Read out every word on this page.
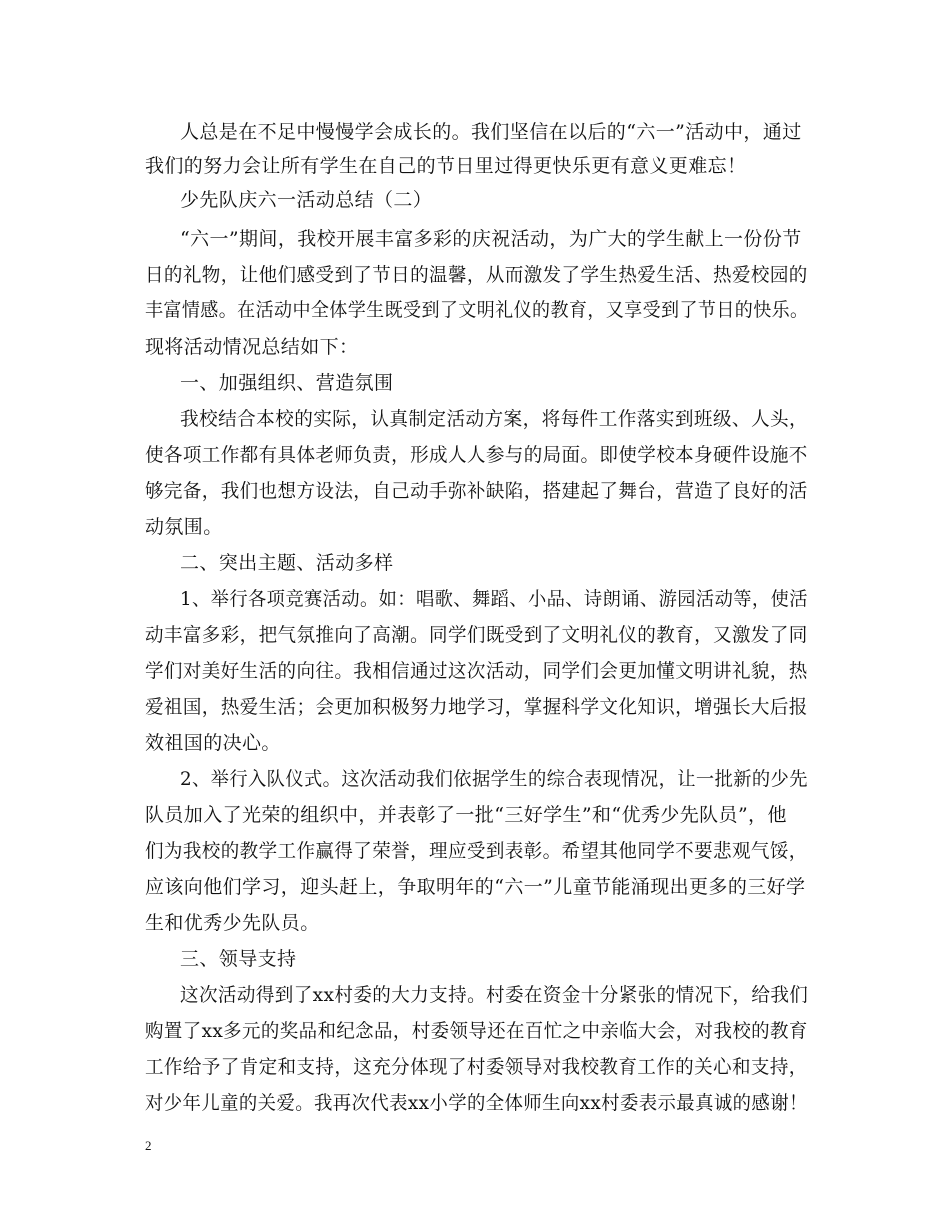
人总是在不足中慢慢学会成长的。我们坚信在以后的“六一”活动中，通过
我们的努力会让所有学生在自己的节日里过得更快乐更有意义更难忘！
少先队庆六一活动总结（二）
“六一”期间，我校开展丰富多彩的庆祝活动，为广大的学生献上一份份节
日的礼物，让他们感受到了节日的温馨，从而激发了学生热爱生活、热爱校园的
丰富情感。在活动中全体学生既受到了文明礼仪的教育，又享受到了节日的快乐。
现将活动情况总结如下：
一、加强组织、营造氛围
我校结合本校的实际，认真制定活动方案，将每件工作落实到班级、人头，
使各项工作都有具体老师负责，形成人人参与的局面。即使学校本身硬件设施不
够完备，我们也想方设法，自己动手弥补缺陷，搭建起了舞台，营造了良好的活
动氛围。
二、突出主题、活动多样
1、举行各项竞赛活动。如：唱歌、舞蹈、小品、诗朗诵、游园活动等，使活
动丰富多彩，把气氛推向了高潮。同学们既受到了文明礼仪的教育，又激发了同
学们对美好生活的向往。我相信通过这次活动，同学们会更加懂文明讲礼貌，热
爱祖国，热爱生活；会更加积极努力地学习，掌握科学文化知识，增强长大后报
效祖国的决心。
2、举行入队仪式。这次活动我们依据学生的综合表现情况，让一批新的少先
队员加入了光荣的组织中，并表彰了一批“三好学生”和“优秀少先队员”，他
们为我校的教学工作赢得了荣誉，理应受到表彰。希望其他同学不要悲观气馁，
应该向他们学习，迎头赶上，争取明年的“六一”儿童节能涌现出更多的三好学
生和优秀少先队员。
三、领导支持
这次活动得到了xx村委的大力支持。村委在资金十分紧张的情况下，给我们
购置了xx多元的奖品和纪念品，村委领导还在百忙之中亲临大会，对我校的教育
工作给予了肯定和支持，这充分体现了村委领导对我校教育工作的关心和支持，
对少年儿童的关爱。我再次代表xx小学的全体师生向xx村委表示最真诚的感谢！
2
